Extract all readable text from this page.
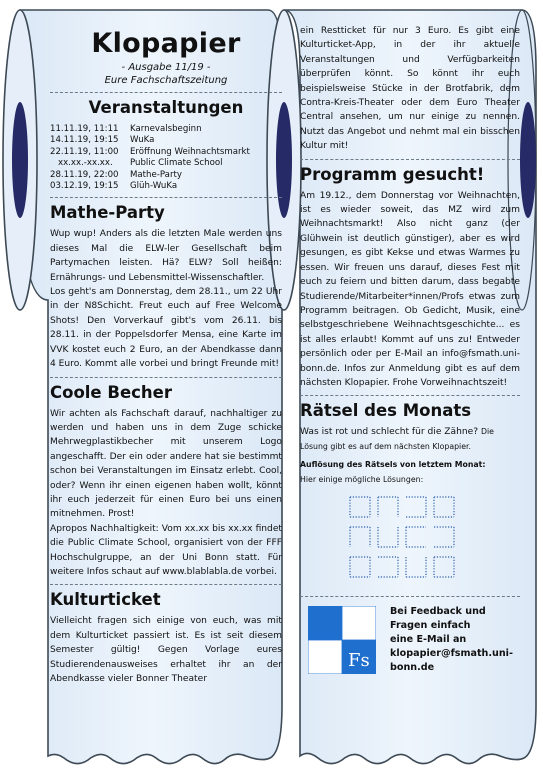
Klopapier
- Ausgabe 11/19 -
Eure Fachschaftszeitung
Veranstaltungen
11.11.19, 11:11	Karnevalsbeginn
14.11.19, 19:15	WuKa
22.11.19, 11:00	Eröffnung Weihnachtsmarkt
xx.xx.-xx.xx.	Public Climate School
28.11.19, 22:00	Mathe-Party
03.12.19, 19:15	Glüh-WuKa
Mathe-Party

Wup wup! Anders als die letzten Male werden uns dieses Mal die ELW-ler Gesellschaft beim Partymachen leisten. Hä? ELW? Soll heißen: Ernährungs- und Lebensmittel-Wissenschaftler.

Los geht's am Donnerstag, dem 28.11., um 22 Uhr in der N8Schicht. Freut euch auf Free Welcome Shots! Den Vorverkauf gibt's vom 26.11. bis 28.11. in der Poppelsdorfer Mensa, eine Karte im VVK kostet euch 2 Euro, an der Abendkasse dann 4 Euro. Kommt alle vorbei und bringt Freunde mit!

Coole Becher

Wir achten als Fachschaft darauf, nachhaltiger zu werden und haben uns in dem Zuge schicke Mehrwegplastikbecher mit unserem Logo angeschafft. Der ein oder andere hat sie bestimmt schon bei Veranstaltungen im Einsatz erlebt. Cool, oder? Wenn ihr einen eigenen haben wollt, könnt ihr euch jederzeit für einen Euro bei uns einen mitnehmen. Prost!

Apropos Nachhaltigkeit: Vom xx.xx bis xx.xx findet die Public Climate School, organisiert von der FFF Hochschulgruppe, an der Uni Bonn statt. Für weitere Infos schaut auf www.blablabla.de vorbei.

Kulturticket

Vielleicht fragen sich einige von euch, was mit dem Kulturticket passiert ist. Es ist seit diesem Semester gültig! Gegen Vorlage eures Studierendenausweises erhaltet ihr an der Abendkasse vieler Bonner Theater

ein Restticket für nur 3 Euro. Es gibt eine Kulturticket-App, in der ihr aktuelle Veranstaltungen und Verfügbarkeiten überprüfen könnt. So könnt ihr euch beispielsweise Stücke in der Brotfabrik, dem Contra-Kreis-Theater oder dem Euro Theater Central ansehen, um nur einige zu nennen. Nutzt das Angebot und nehmt mal ein bisschen Kultur mit!

Programm gesucht!

Am 19.12., dem Donnerstag vor Weihnachten, ist es wieder soweit, das MZ wird zum Weihnachtsmarkt! Also nicht ganz (der Glühwein ist deutlich günstiger), aber es wird gesungen, es gibt Kekse und etwas Warmes zu essen. Wir freuen uns darauf, dieses Fest mit euch zu feiern und bitten darum, dass begabte Studierende/Mitarbeiter*innen/Profs etwas zum Programm beitragen. Ob Gedicht, Musik, eine selbstgeschriebene Weihnachtsgeschichte... es ist alles erlaubt! Kommt auf uns zu! Entweder persönlich oder per E-Mail an info@fsmath.uni-bonn.de. Infos zur Anmeldung gibt es auf dem nächsten Klopapier. Frohe Vorweihnachtszeit!

Rätsel des Monats
Was ist rot und schlecht für die Zähne? Die Lösung gibt es auf dem nächsten Klopapier.
Auflösung des Rätsels von letztem Monat:
Hier einige mögliche Lösungen:
Fs
Bei Feedback und
Fragen einfach
eine E-Mail an
klopapier@fsmath.uni-
bonn.de
